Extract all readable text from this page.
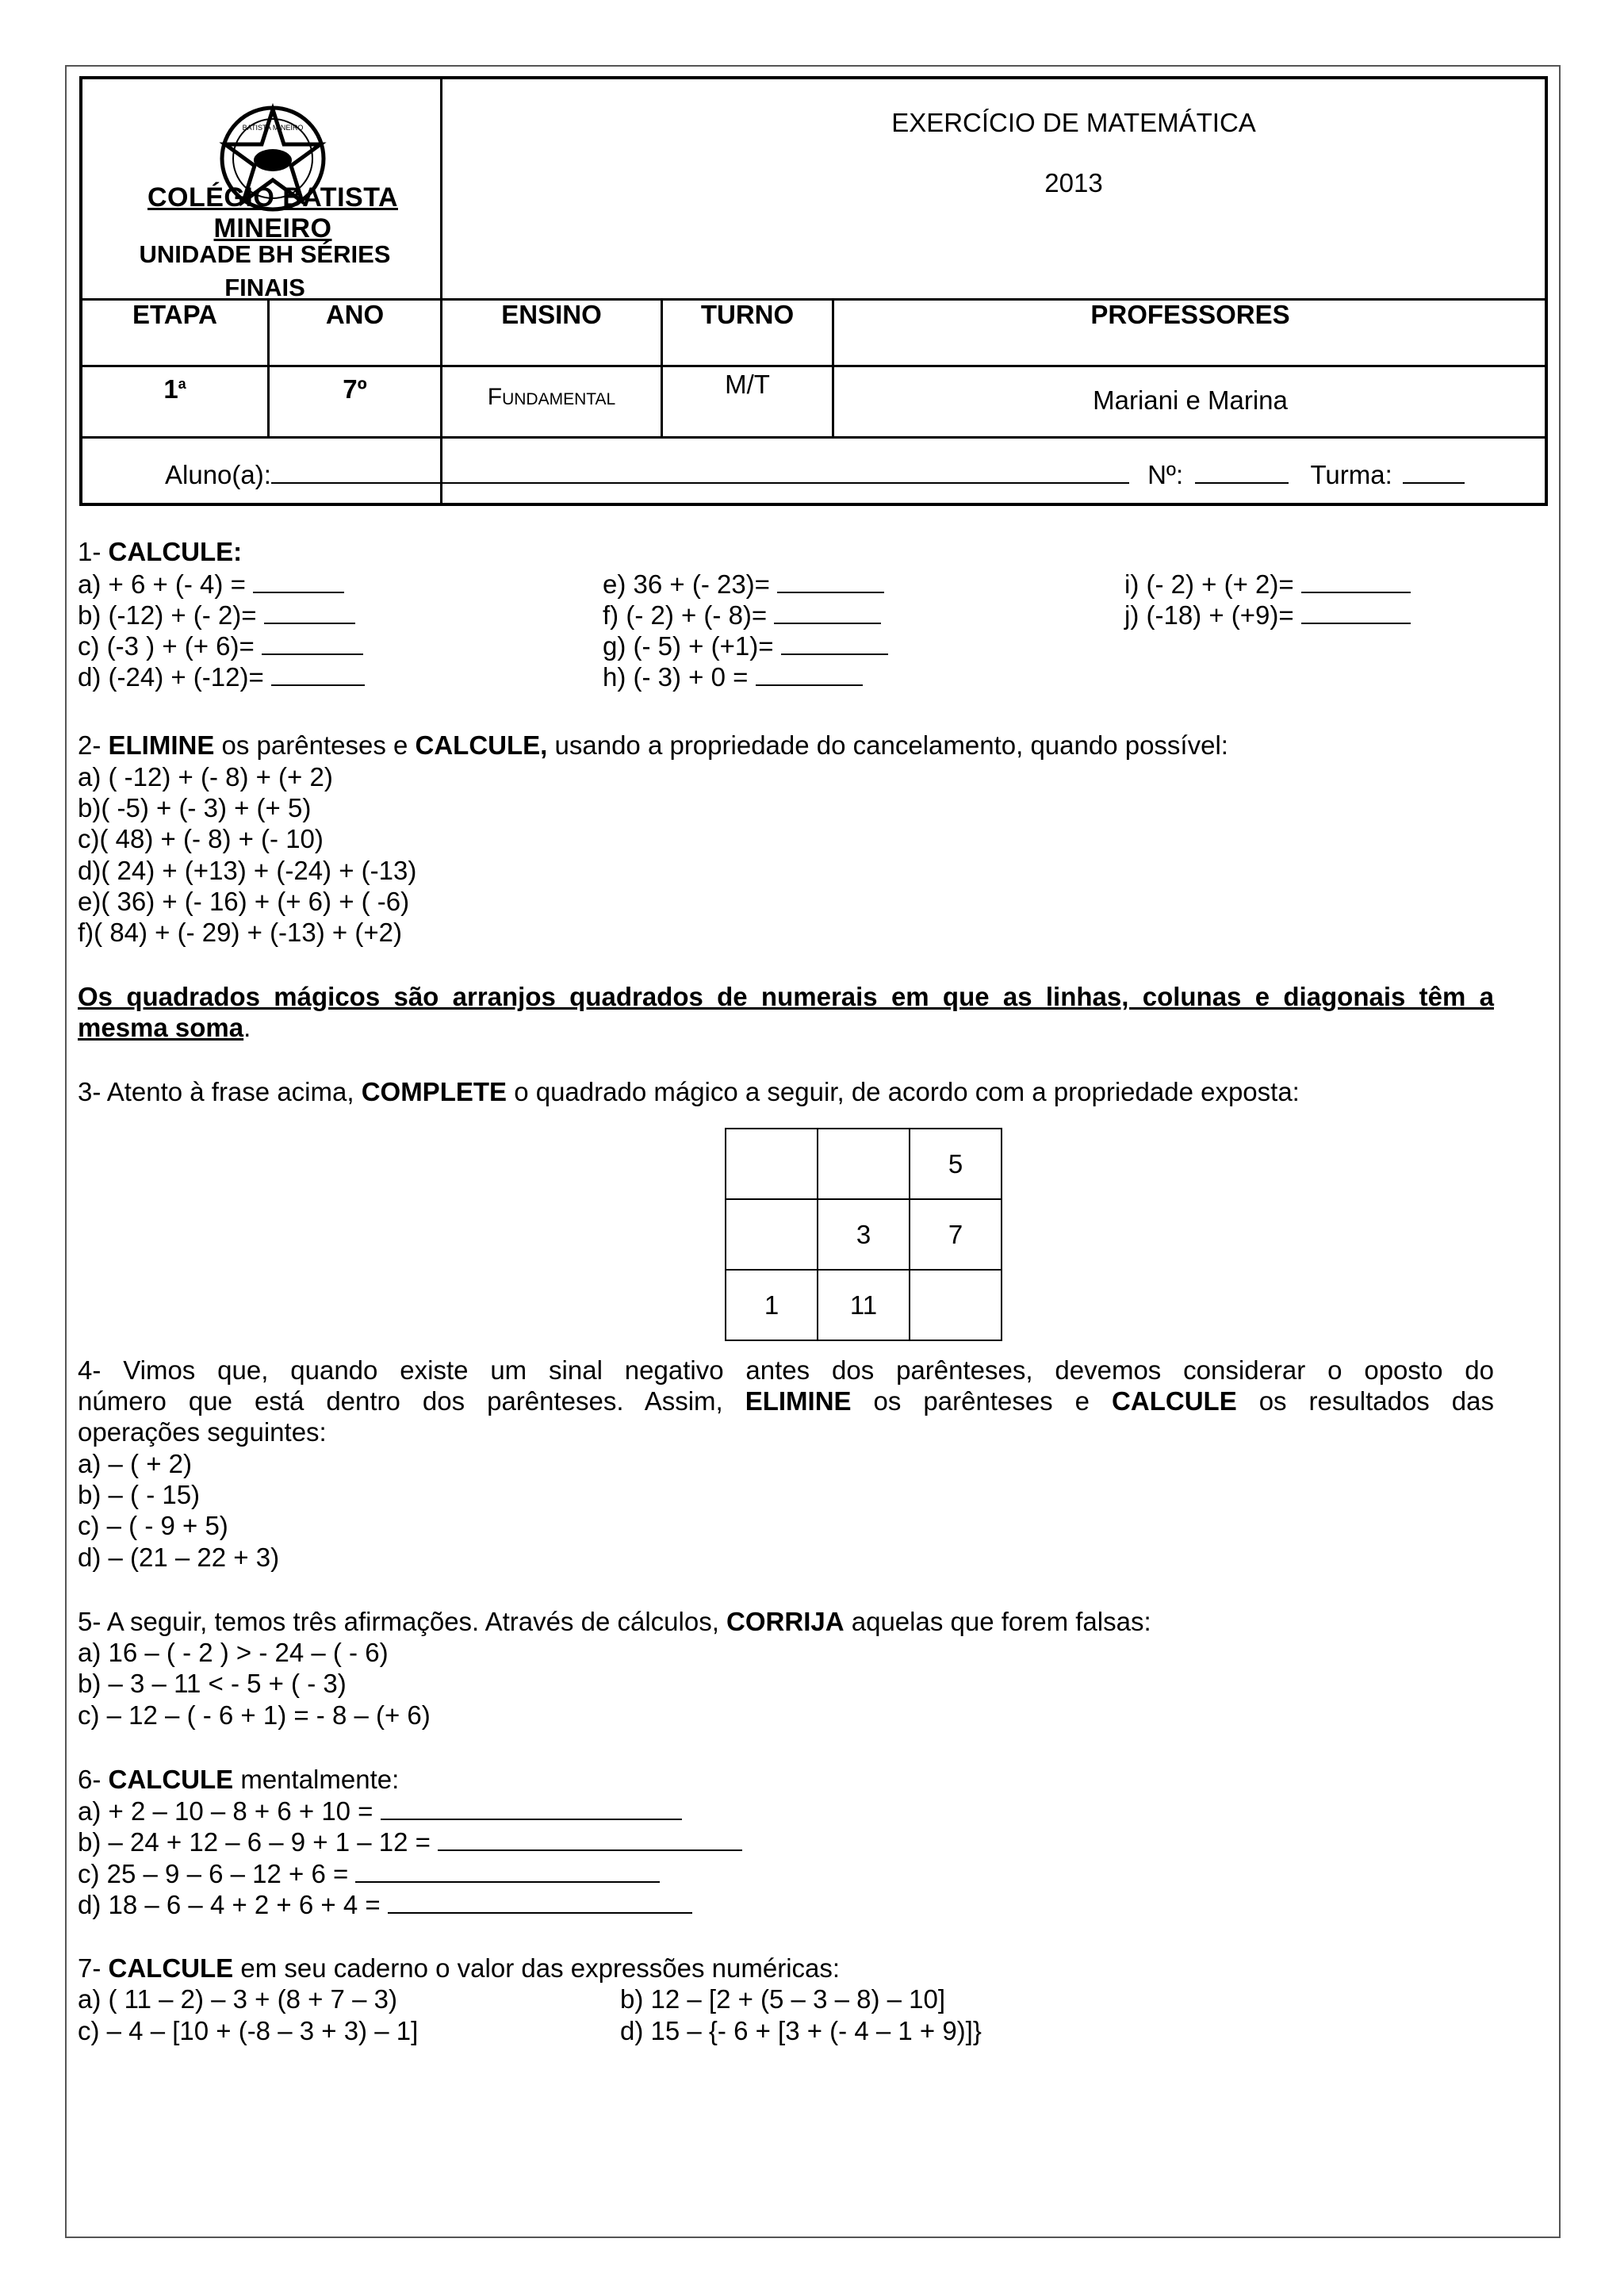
BATISTA MINEIRO
COLÉGIO BATISTA MINEIRO
UNIDADE BH SÉRIES FINAIS
EXERCÍCIO DE MATEMÁTICA
2013
ETAPA	ANO	ENSINO	TURNO	PROFESSORES
1$^a$	7º	Fundamental	M/T
Mariani e Marina
Aluno(a):	Nº:	Turma:
1- CALCULE:
a) + 6 + (- 4) =
b) (-12) + (- 2)=
c) (-3 ) + (+ 6)=
d) (-24) + (-12)=
e) 36 + (- 23)=
f) (- 2) + (- 8)=
g) (- 5) + (+1)=
h) (- 3) + 0 =
i) (- 2) + (+ 2)=
j) (-18) + (+9)=
2- ELIMINE os parênteses e CALCULE, usando a propriedade do cancelamento, quando possível:
a) ( -12) + (- 8) + (+ 2)
b)( -5) + (- 3) + (+ 5)
c)( 48) + (- 8) + (- 10)
d)( 24) + (+13) + (-24) + (-13)
e)( 36) + (- 16) + (+ 6) + ( -6)
f)( 84) + (- 29) + (-13) + (+2)
Os quadrados mágicos são arranjos quadrados de numerais em que as linhas, colunas e diagonais têm a
mesma soma.
3- Atento à frase acima, COMPLETE o quadrado mágico a seguir, de acordo com a propriedade exposta:
		5
	3	7
1	11	
4- Vimos que, quando existe um sinal negativo antes dos parênteses, devemos considerar o oposto do
número que está dentro dos parênteses. Assim, ELIMINE os parênteses e CALCULE os resultados das
operações seguintes:
a) – ( + 2)
b) – ( - 15)
c) – ( - 9 + 5)
d) – (21 – 22 + 3)
5- A seguir, temos três afirmações. Através de cálculos, CORRIJA aquelas que forem falsas:
a) 16 – ( - 2 ) > - 24 – ( - 6)
b) – 3 – 11 < - 5 + ( - 3)
c) – 12 – ( - 6 + 1) = - 8 – (+ 6)
6- CALCULE mentalmente:
a) + 2 – 10 – 8 + 6 + 10 =
b) – 24 + 12 – 6 – 9 + 1 – 12 =
c) 25 – 9 – 6 – 12 + 6 =
d) 18 – 6 – 4 + 2 + 6 + 4 =
7- CALCULE em seu caderno o valor das expressões numéricas:
a) ( 11 – 2) – 3 + (8 + 7 – 3)	b) 12 – [2 + (5 – 3 – 8) – 10]
c) – 4 – [10 + (-8 – 3 + 3) – 1]	d) 15 – {- 6 + [3 + (- 4 – 1 + 9)]}
